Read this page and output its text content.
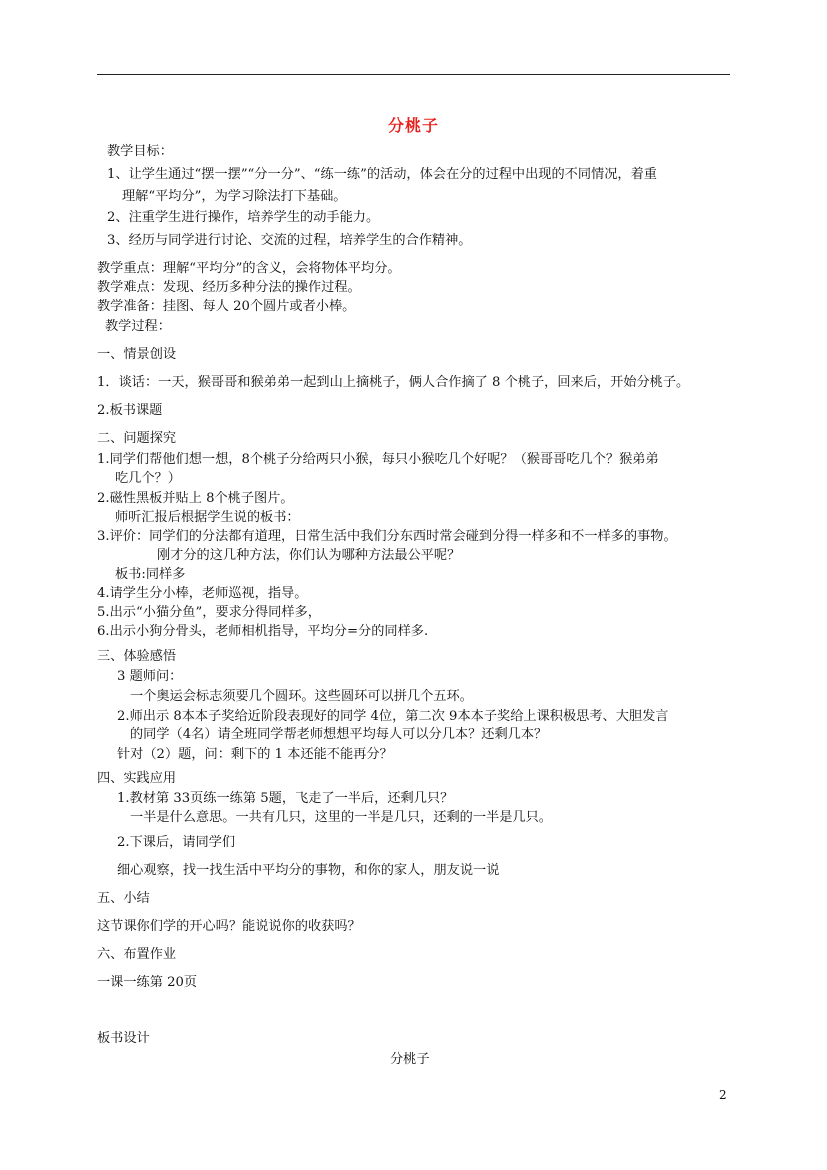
分桃子
教学目标：
1、让学生通过“摆一摆”“分一分”、“练一练”的活动，体会在分的过程中出现的不同情况，着重
理解“平均分”，为学习除法打下基础。
2、注重学生进行操作，培养学生的动手能力。
3、经历与同学进行讨论、交流的过程，培养学生的合作精神。
教学重点：理解“平均分”的含义，会将物体平均分。
教学难点：发现、经历多种分法的操作过程。
教学准备：挂图、每人 20个圆片或者小棒。
教学过程：
一、情景创设
1．谈话：一天，猴哥哥和猴弟弟一起到山上摘桃子，俩人合作摘了 8 个桃子，回来后，开始分桃子。
2.板书课题
二、问题探究
1.同学们帮他们想一想，8个桃子分给两只小猴，每只小猴吃几个好呢？（猴哥哥吃几个？猴弟弟
吃几个？）
2.磁性黑板并贴上 8个桃子图片。
师听汇报后根据学生说的板书：
3.评价：同学们的分法都有道理，日常生活中我们分东西时常会碰到分得一样多和不一样多的事物。
刚才分的这几种方法，你们认为哪种方法最公平呢？
板书:同样多
4.请学生分小棒，老师巡视，指导。
5.出示“小猫分鱼”，要求分得同样多，
6.出示小狗分骨头，老师相机指导，平均分=分的同样多.
三、体验感悟
3 题师问：
一个奥运会标志须要几个圆环。这些圆环可以拼几个五环。
2.师出示 8本本子奖给近阶段表现好的同学 4位，第二次 9本本子奖给上课积极思考、大胆发言
的同学（4名）请全班同学帮老师想想平均每人可以分几本？还剩几本？
针对（2）题，问：剩下的 1 本还能不能再分？
四、实践应用
1.教材第 33页练一练第 5题，飞走了一半后，还剩几只？
一半是什么意思。一共有几只，这里的一半是几只，还剩的一半是几只。
2.下课后，请同学们
细心观察，找一找生活中平均分的事物，和你的家人，朋友说一说
五、小结
这节课你们学的开心吗？能说说你的收获吗？
六、布置作业
一课一练第 20页
板书设计
分桃子
2
